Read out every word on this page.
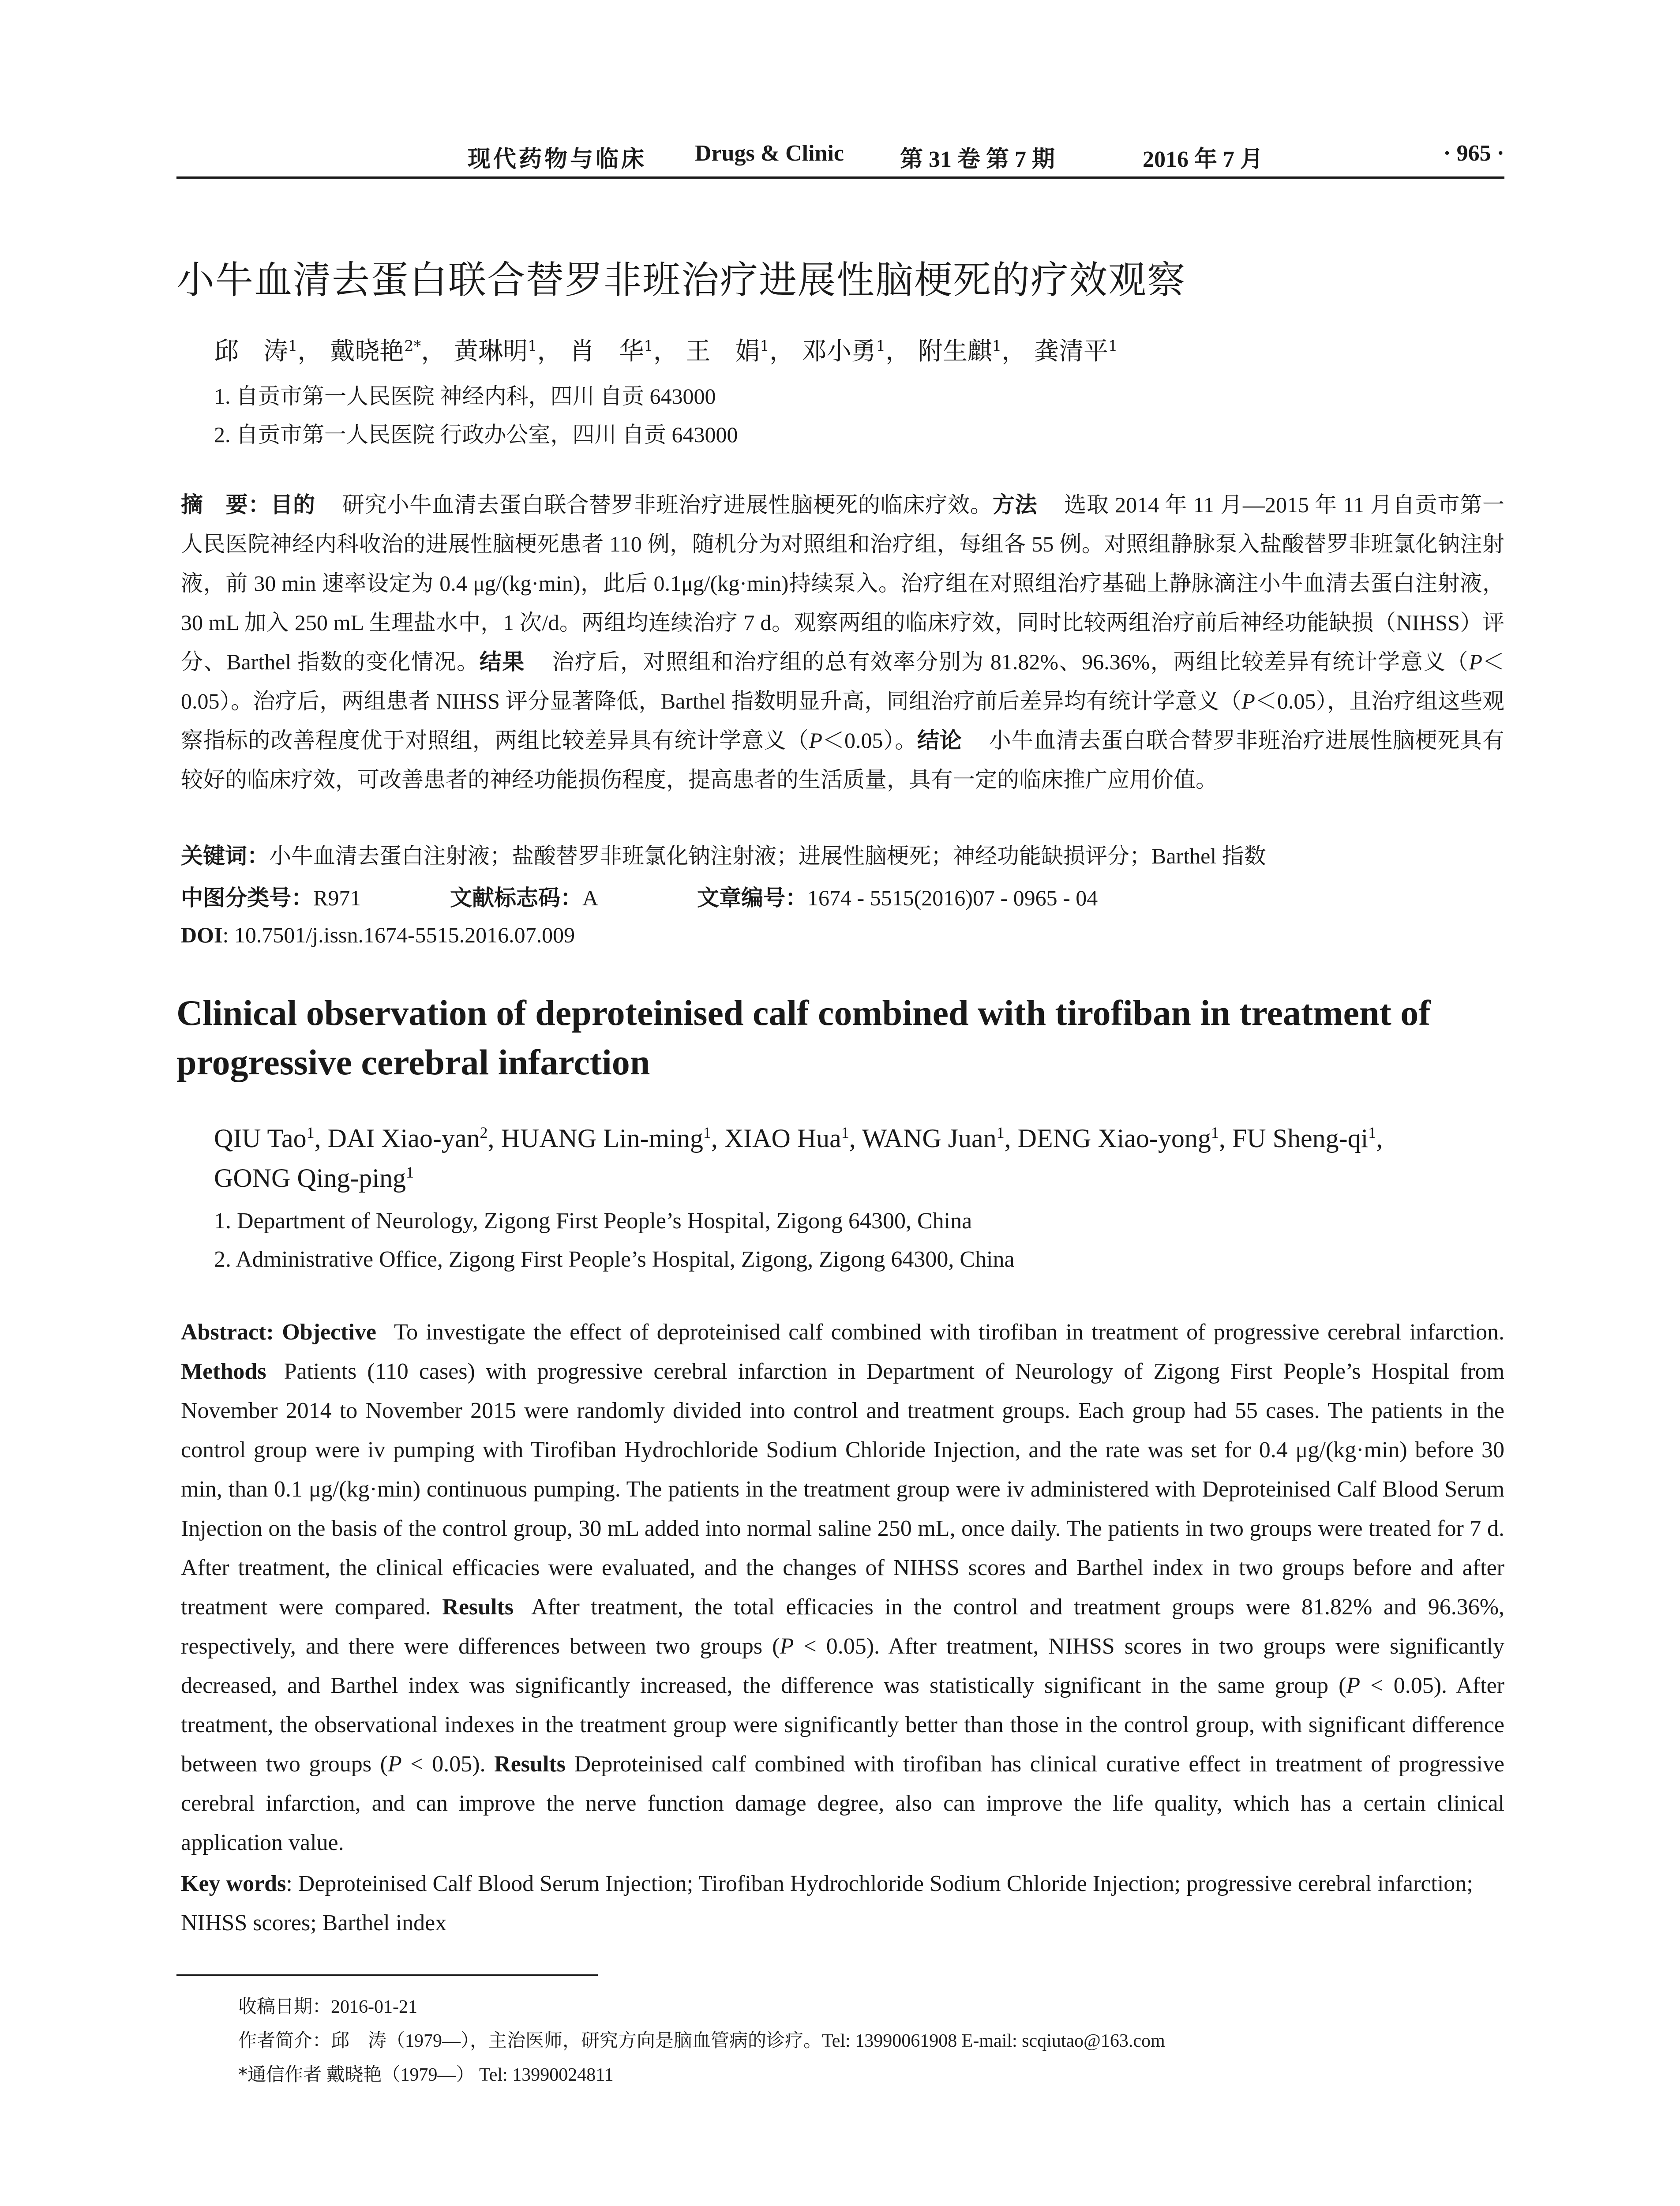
现代药物与临床 Drugs & Clinic 第 31 卷 第 7 期	2016 年 7 月	· 965 ·
小牛血清去蛋白联合替罗非班治疗进展性脑梗死的疗效观察
邱　涛$^1$， 戴晓艳$^{2*}$， 黄琳明$^1$， 肖　华$^1$， 王　娟$^1$， 邓小勇$^1$， 附生麒$^1$， 龚清平$^1$
1. 自贡市第一人民医院 神经内科，四川 自贡 643000
2. 自贡市第一人民医院 行政办公室，四川 自贡 643000
摘　要：目的 研究小牛血清去蛋白联合替罗非班治疗进展性脑梗死的临床疗效。方法 选取 2014 年 11 月—2015 年 11 月自贡市第一人民医院神经内科收治的进展性脑梗死患者 110 例，随机分为对照组和治疗组，每组各 55 例。对照组静脉泵入盐酸替罗非班氯化钠注射液，前 30 min 速率设定为 0.4 μg/(kg·min)，此后 0.1μg/(kg·min)持续泵入。治疗组在对照组治疗基础上静脉滴注小牛血清去蛋白注射液，30 mL 加入 250 mL 生理盐水中，1 次/d。两组均连续治疗 7 d。观察两组的临床疗效，同时比较两组治疗前后神经功能缺损（NIHSS）评分、Barthel 指数的变化情况。结果 治疗后，对照组和治疗组的总有效率分别为 81.82%、96.36%，两组比较差异有统计学意义（P＜0.05）。治疗后，两组患者 NIHSS 评分显著降低，Barthel 指数明显升高，同组治疗前后差异均有统计学意义（P＜0.05），且治疗组这些观察指标的改善程度优于对照组，两组比较差异具有统计学意义（P＜0.05）。结论 小牛血清去蛋白联合替罗非班治疗进展性脑梗死具有较好的临床疗效，可改善患者的神经功能损伤程度，提高患者的生活质量，具有一定的临床推广应用价值。
关键词：小牛血清去蛋白注射液；盐酸替罗非班氯化钠注射液；进展性脑梗死；神经功能缺损评分；Barthel 指数
中图分类号：R971	文献标志码：A	文章编号：1674 - 5515(2016)07 - 0965 - 04
DOI: 10.7501/j.issn.1674-5515.2016.07.009
Clinical observation of deproteinised calf combined with tirofiban in treatment of progressive cerebral infarction
QIU Tao$^1$, DAI Xiao-yan$^2$, HUANG Lin-ming$^1$, XIAO Hua$^1$, WANG Juan$^1$, DENG Xiao-yong$^1$, FU Sheng-$qi^1$,
GONG Qing-ping$^1$
1. Department of Neurology, Zigong First People’s Hospital, Zigong 64300, China
2. Administrative Office, Zigong First People’s Hospital, Zigong, Zigong 64300, China
Abstract: Objective To investigate the effect of deproteinised calf combined with tirofiban in treatment of progressive cerebral infarction. Methods Patients (110 cases) with progressive cerebral infarction in Department of Neurology of Zigong First People’s Hospital from November 2014 to November 2015 were randomly divided into control and treatment groups. Each group had 55 cases. The patients in the control group were iv pumping with Tirofiban Hydrochloride Sodium Chloride Injection, and the rate was set for 0.4 μg/(kg·min) before 30 min, than 0.1 μg/(kg·min) continuous pumping. The patients in the treatment group were iv administered with Deproteinised Calf Blood Serum Injection on the basis of the control group, 30 mL added into normal saline 250 mL, once daily. The patients in two groups were treated for 7 d. After treatment, the clinical efficacies were evaluated, and the changes of NIHSS scores and Barthel index in two groups before and after treatment were compared. Results After treatment, the total efficacies in the control and treatment groups were 81.82% and 96.36%, respectively, and there were differences between two groups (P < 0.05). After treatment, NIHSS scores in two groups were significantly decreased, and Barthel index was significantly increased, the difference was statistically significant in the same group (P < 0.05). After treatment, the observational indexes in the treatment group were significantly better than those in the control group, with significant difference between two groups (P < 0.05). Results Deproteinised calf combined with tirofiban has clinical curative effect in treatment of progressive cerebral infarction, and can improve the nerve function damage degree, also can improve the life quality, which has a certain clinical application value.
Key words: Deproteinised Calf Blood Serum Injection; Tirofiban Hydrochloride Sodium Chloride Injection; progressive cerebral infarction; NIHSS scores; Barthel index
收稿日期：2016-01-21
作者简介：邱　涛（1979—），主治医师，研究方向是脑血管病的诊疗。Tel: 13990061908 E-mail: scqiutao@163.com
*通信作者 戴晓艳（1979—） Tel: 13990024811
